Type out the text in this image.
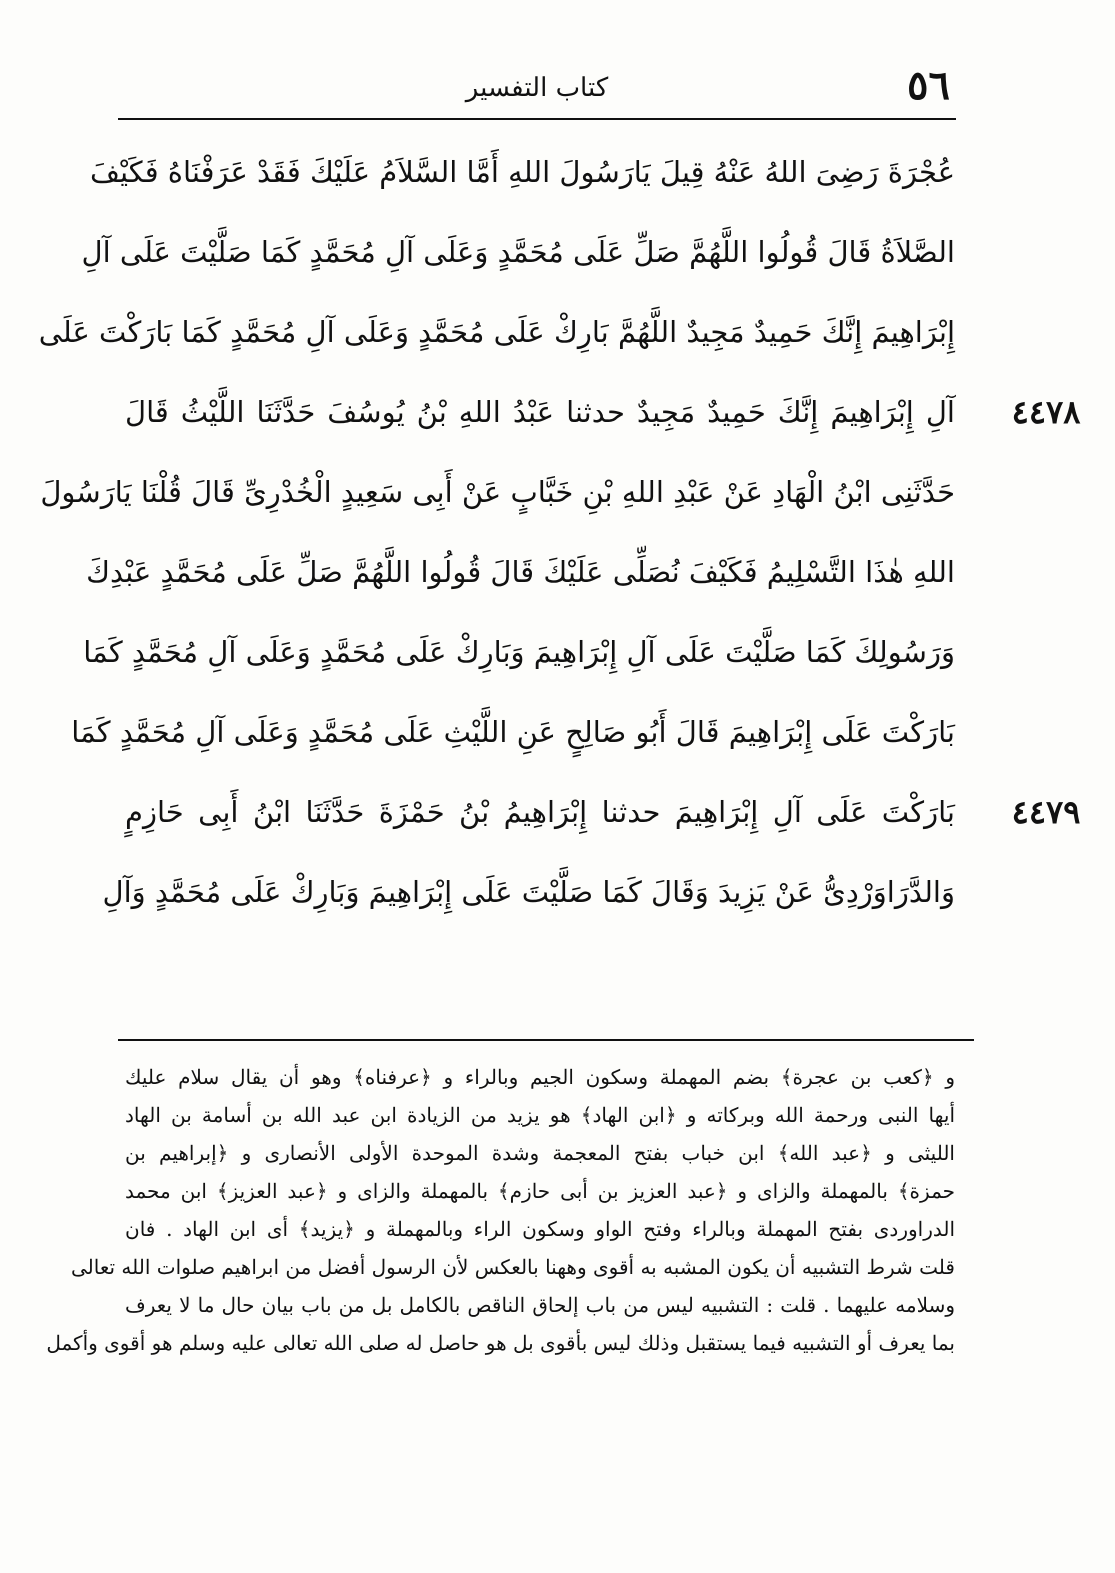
٥٦
كتاب التفسير
عُجْرَةَ رَضِىَ اللهُ عَنْهُ قِيلَ يَارَسُولَ اللهِ أَمَّا السَّلاَمُ عَلَيْكَ فَقَدْ عَرَفْنَاهُ فَكَيْفَ
الصَّلاَةُ قَالَ قُولُوا اللَّهُمَّ صَلِّ عَلَى مُحَمَّدٍ وَعَلَى آلِ مُحَمَّدٍ كَمَا صَلَّيْتَ عَلَى آلِ
إِبْرَاهِيمَ إِنَّكَ حَمِيدٌ مَجِيدٌ اللَّهُمَّ بَارِكْ عَلَى مُحَمَّدٍ وَعَلَى آلِ مُحَمَّدٍ كَمَا بَارَكْتَ عَلَى
آلِ إِبْرَاهِيمَ إِنَّكَ حَمِيدٌ مَجِيدٌ حدثنا عَبْدُ اللهِ بْنُ يُوسُفَ حَدَّثَنَا اللَّيْثُ قَالَ	٤٤٧٨
حَدَّثَنِى ابْنُ الْهَادِ عَنْ عَبْدِ اللهِ بْنِ خَبَّابٍ عَنْ أَبِى سَعِيدٍ الْخُدْرِىِّ قَالَ قُلْنَا يَارَسُولَ
اللهِ هٰذَا التَّسْلِيمُ فَكَيْفَ نُصَلِّى عَلَيْكَ قَالَ قُولُوا اللَّهُمَّ صَلِّ عَلَى مُحَمَّدٍ عَبْدِكَ
وَرَسُولِكَ كَمَا صَلَّيْتَ عَلَى آلِ إِبْرَاهِيمَ وَبَارِكْ عَلَى مُحَمَّدٍ وَعَلَى آلِ مُحَمَّدٍ كَمَا
بَارَكْتَ عَلَى إِبْرَاهِيمَ قَالَ أَبُو صَالِحٍ عَنِ اللَّيْثِ عَلَى مُحَمَّدٍ وَعَلَى آلِ مُحَمَّدٍ كَمَا
بَارَكْتَ عَلَى آلِ إِبْرَاهِيمَ حدثنا إِبْرَاهِيمُ بْنُ حَمْزَةَ حَدَّثَنَا ابْنُ أَبِى حَازِمٍ	٤٤٧٩
وَالدَّرَاوَرْدِىُّ عَنْ يَزِيدَ وَقَالَ كَمَا صَلَّيْتَ عَلَى إِبْرَاهِيمَ وَبَارِكْ عَلَى مُحَمَّدٍ وَآلِ
و ﴿كعب بن عجرة﴾ بضم المهملة وسكون الجيم وبالراء و ﴿عرفناه﴾ وهو أن يقال سلام عليك
أيها النبى ورحمة الله وبركاته و ﴿ابن الهاد﴾ هو يزيد من الزيادة ابن عبد الله بن أسامة بن الهاد
الليثى و ﴿عبد الله﴾ ابن خباب بفتح المعجمة وشدة الموحدة الأولى الأنصارى و ﴿إبراهيم بن
حمزة﴾ بالمهملة والزاى و ﴿عبد العزيز بن أبى حازم﴾ بالمهملة والزاى و ﴿عبد العزيز﴾ ابن محمد
الدراوردى بفتح المهملة وبالراء وفتح الواو وسكون الراء وبالمهملة و ﴿يزيد﴾ أى ابن الهاد . فان
قلت شرط التشبيه أن يكون المشبه به أقوى وههنا بالعكس لأن الرسول أفضل من ابراهيم صلوات الله تعالى
وسلامه عليهما . قلت : التشبيه ليس من باب إلحاق الناقص بالكامل بل من باب بيان حال ما لا يعرف
بما يعرف أو التشبيه فيما يستقبل وذلك ليس بأقوى بل هو حاصل له صلى الله تعالى عليه وسلم هو أقوى وأكمل
